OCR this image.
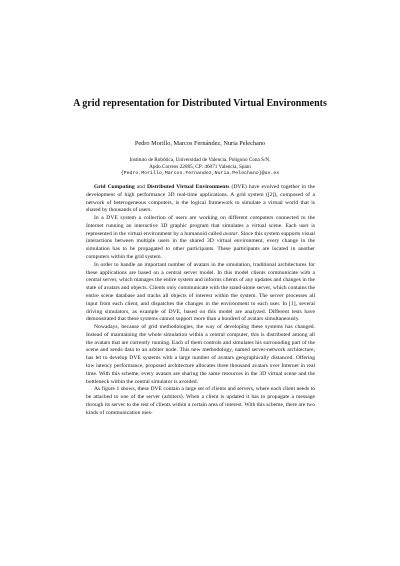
A grid representation for Distributed Virtual Environments
Pedro Morillo, Marcos Fernández, Nuria Pelechano
Instituto de Robótica, Universidad de Valencia. Poligono Cona S/N.
Apdo.Correos 22085, CP: 46071 Valencia, Spain
{Pedro.Morillo,Marcos.Fernandez,Nuria.Pelechano}@uv.es

Grid Computing and Distributed Virtual Environments (DVE) have evolved together in the development of high performance 3D real-time applications. A grid system ([2]), composed of a network of heterogeneous computers, is the logical framework to simulate a virtual world that is shared by thousands of users.

In a DVE system a collection of users are working on different computers connected to the Internet running an interactive 3D graphic program that simulates a virtual scene. Each user is represented in the virtual environment by a humanoid called avatar. Since this system supports visual interactions between multiple users in the shared 3D virtual environment, every change in the simulation has to be propagated to other participants. These participants are located in another computers within the grid system.

In order to handle an important number of avatars in the simulation, traditional architectures for these applications are based on a central server model. In this model clients communicate with a central server, which manages the entire system and informs clients of any updates and changes in the state of avatars and objects. Clients only communicate with the stand-alone server, which contains the entire scene database and tracks all objects of interest within the system. The server processes all input from each client, and dispatches the changes in the environment to each user. In [1], several driving simulators, as example of DVE, based on this model are analyzed. Different tests have demonstrated that these systems cannot support more than a hundred of avatars simultaneously.

Nowadays, because of grid methodologies, the way of developing these systems has changed. Instead of maintaining the whole simulation within a central computer, this is distributed among all the avatars that are currently running. Each of them controls and simulates his surrounding part of the scene and sends data to an arbiter node. This new methodology, named server-network architecture, has let to develop DVE systems with a large number of avatars geographically distanced. Offering low latency performance, proposed architecture allocates three thousand avatars over Internet in real time. With this scheme, every avatars are sharing the same resources in the 3D virtual scene and the bottleneck within the central simulator is avoided.

As figure 1 shows, these DVE contain a large set of clients and servers, where each client needs to be attached to one of the server (arbiters). When a client is updated it has to propagate a message through its server to the rest of clients within a certain area of interest. With this scheme, there are two kinds of communication mes-
